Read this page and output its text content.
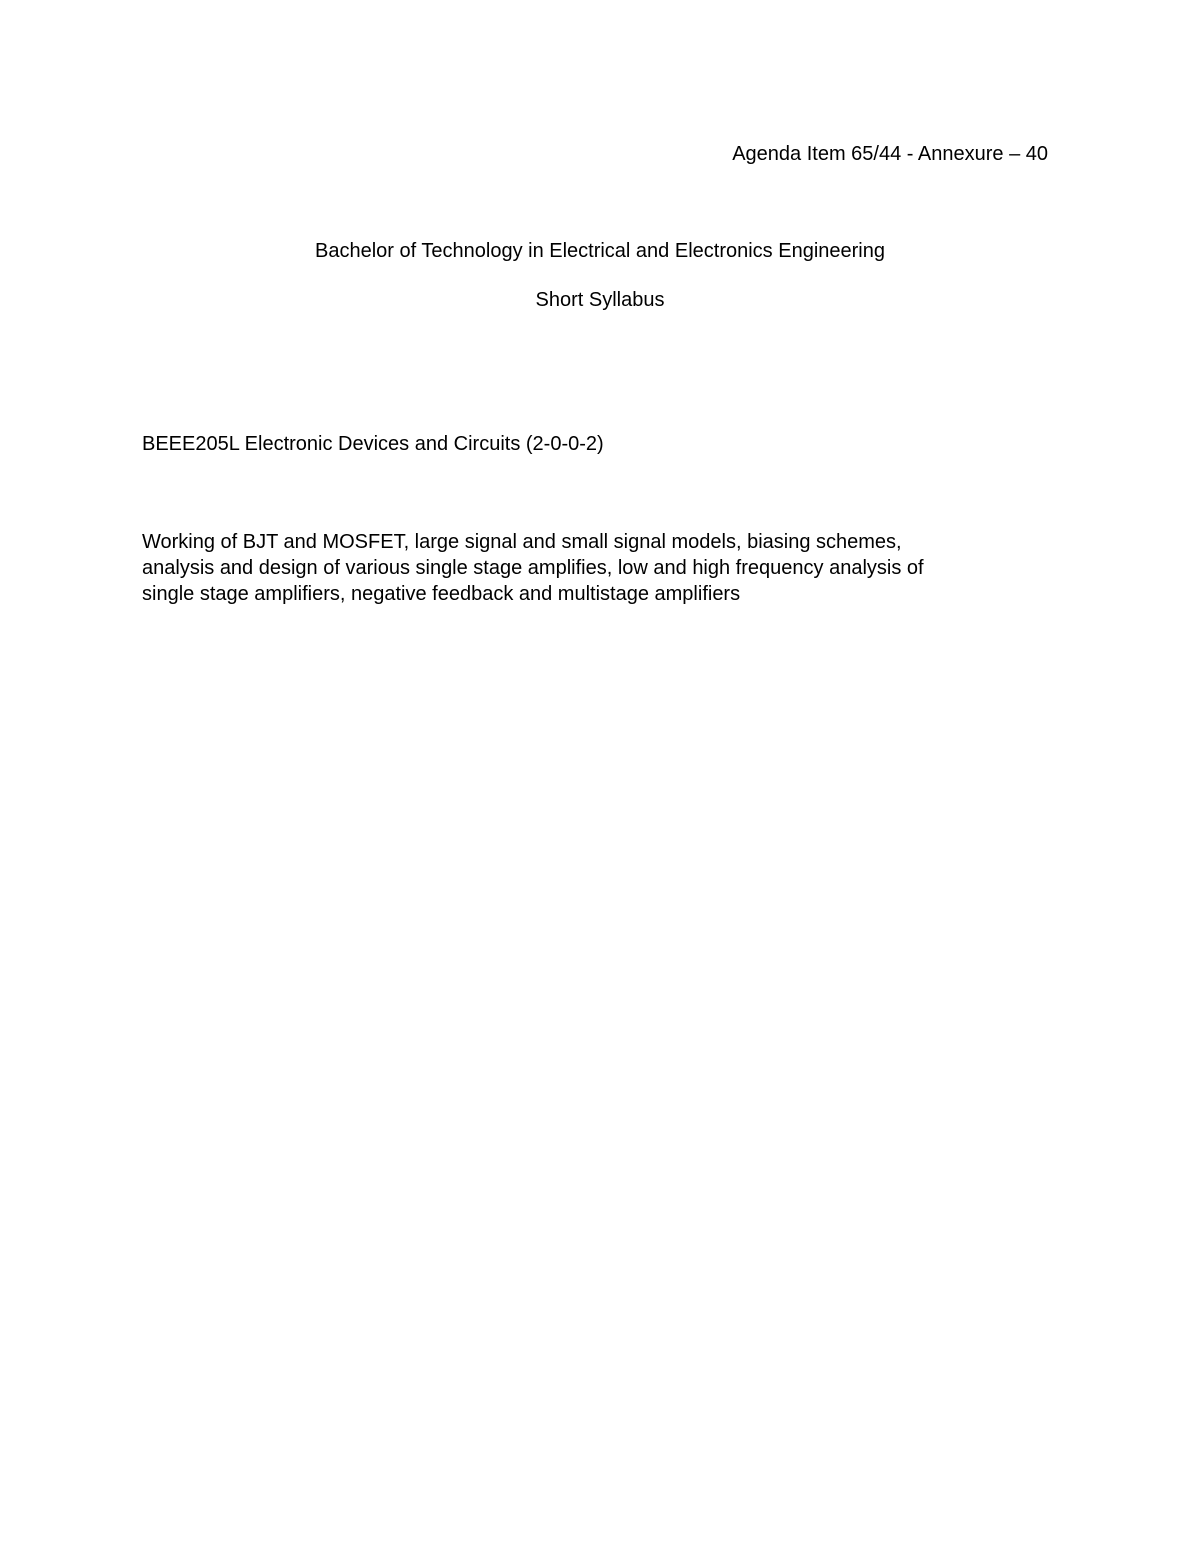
Agenda Item 65/44 - Annexure – 40
Bachelor of Technology in Electrical and Electronics Engineering
Short Syllabus
BEEE205L Electronic Devices and Circuits (2-0-0-2)
Working of BJT and MOSFET, large signal and small signal models, biasing schemes,
analysis and design of various single stage amplifies, low and high frequency analysis of
single stage amplifiers, negative feedback and multistage amplifiers
